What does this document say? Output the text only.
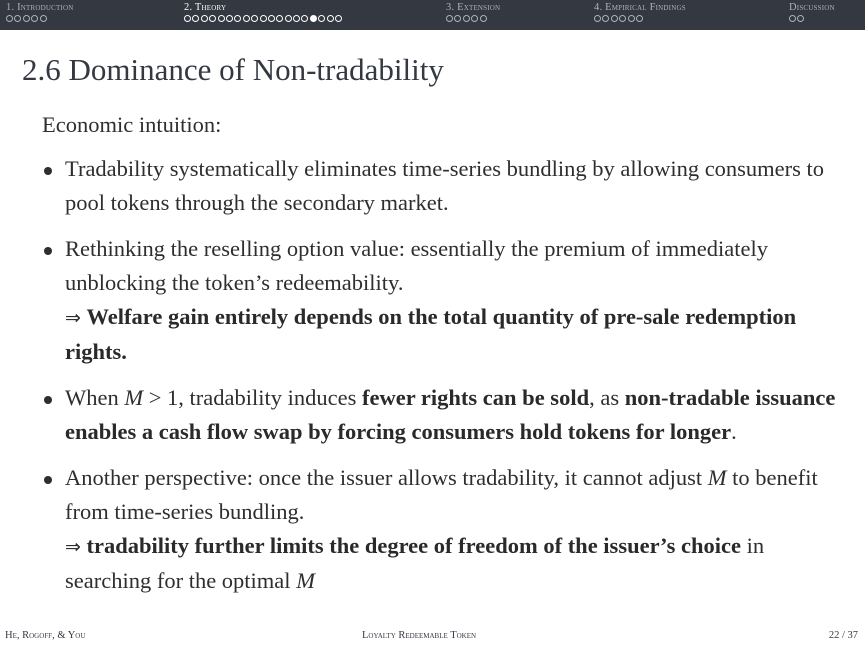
1. Introduction	2. Theory	3. Extension	4. Empirical Findings	Discussion
2.6 Dominance of Non-tradability

Economic intuition:

Tradability systematically eliminates time-series bundling by allowing consumers to pool tokens through the secondary market.
Rethinking the reselling option value: essentially the premium of immediately unblocking the token’s redeemability.
⇒ Welfare gain entirely depends on the total quantity of pre-sale redemption rights.
When M > 1, tradability induces fewer rights can be sold, as non-tradable issuance enables a cash flow swap by forcing consumers hold tokens for longer.
Another perspective: once the issuer allows tradability, it cannot adjust M to benefit from time-series bundling.
⇒ tradability further limits the degree of freedom of the issuer’s choice in searching for the optimal M
He, Rogoff, & You	Loyalty Redeemable Token	22 / 37
